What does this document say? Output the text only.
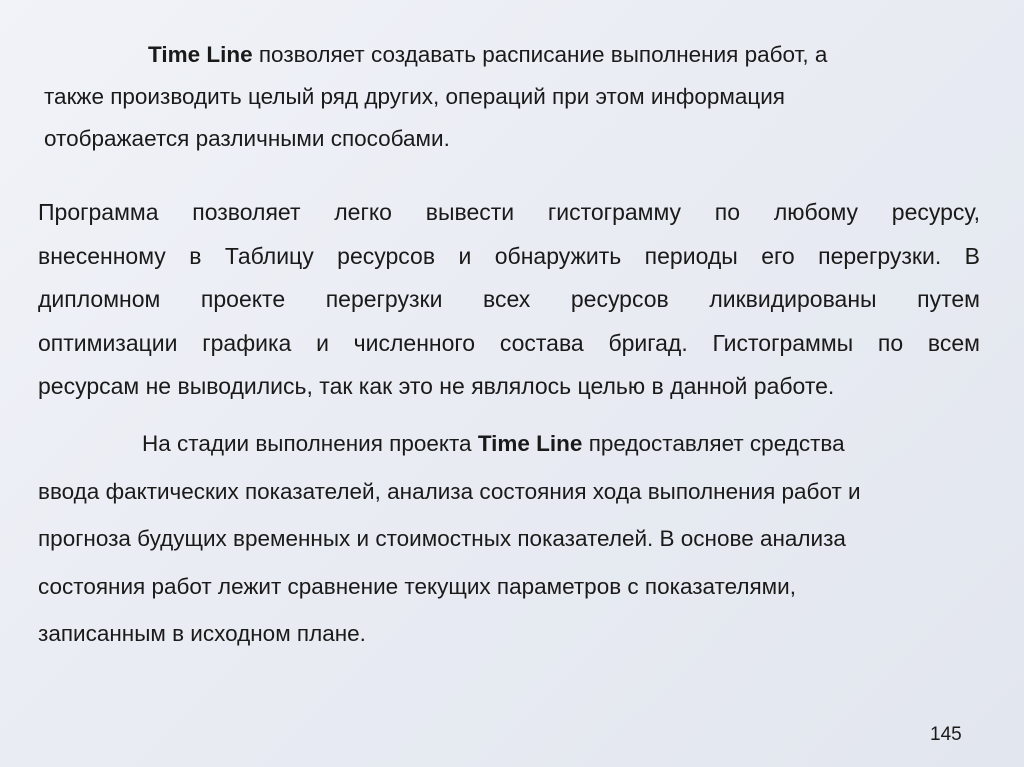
Time Line позволяет создавать расписание выполнения работ, а
также производить целый ряд других, операций при этом информация
отображается различными способами.

Программа позволяет легко вывести гистограмму по любому ресурсу,
внесенному в Таблицу ресурсов и обнаружить периоды его перегрузки. В
дипломном проекте перегрузки всех ресурсов ликвидированы путем
оптимизации графика и численного состава бригад. Гистограммы по всем
ресурсам не выводились, так как это не являлось целью в данной работе.

На стадии выполнения проекта Time Line предоставляет средства
ввода фактических показателей, анализа состояния хода выполнения работ и
прогноза будущих временных и стоимостных показателей. В основе анализа
состояния работ лежит сравнение текущих параметров с показателями,
записанным в исходном плане.

145
